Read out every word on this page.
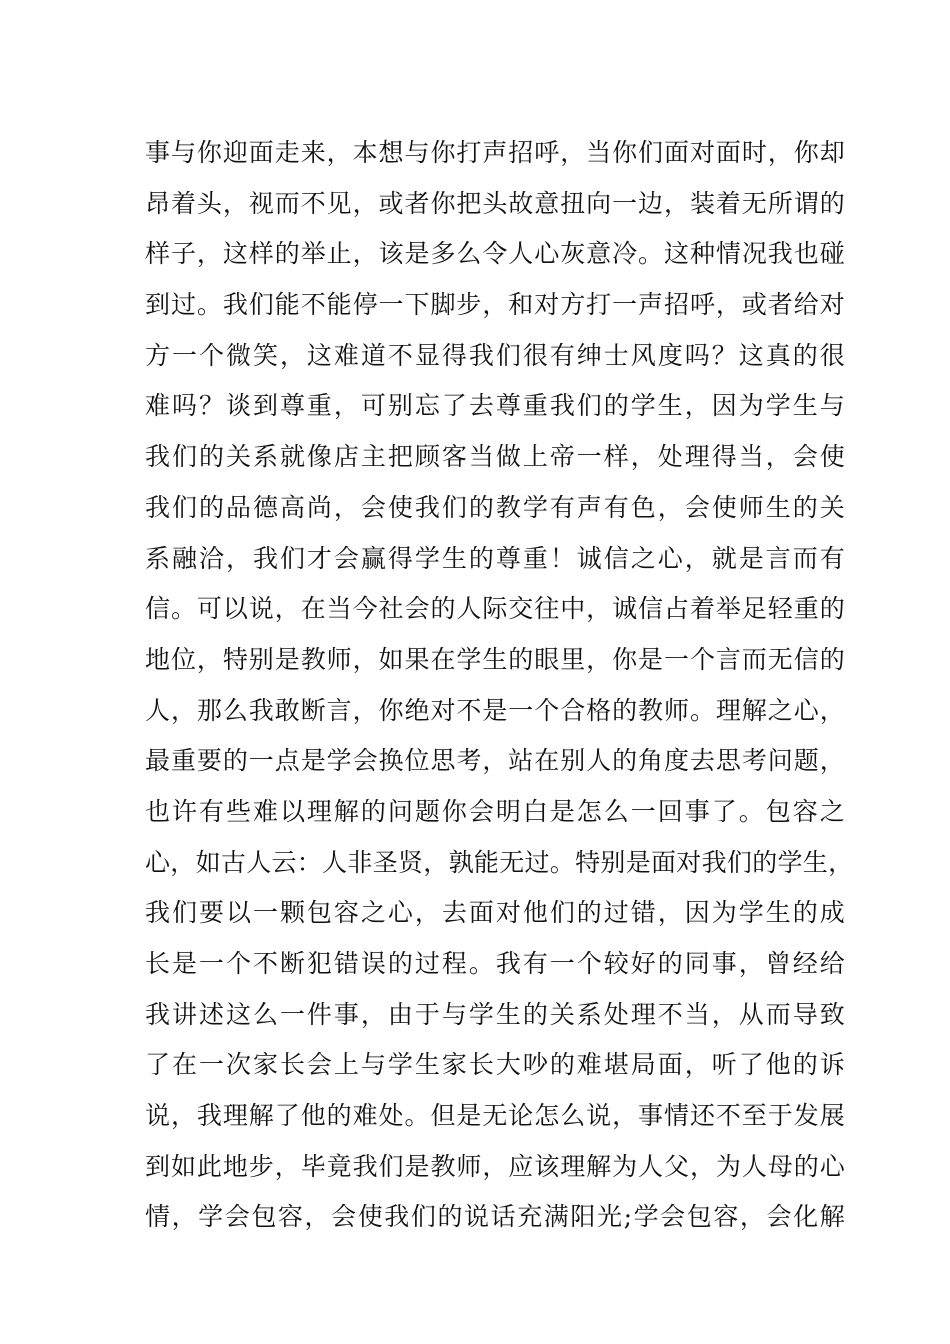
事与你迎面走来，本想与你打声招呼，当你们面对面时，你却
昂着头，视而不见，或者你把头故意扭向一边，装着无所谓的
样子，这样的举止，该是多么令人心灰意冷。这种情况我也碰
到过。我们能不能停一下脚步，和对方打一声招呼，或者给对
方一个微笑，这难道不显得我们很有绅士风度吗？这真的很
难吗？谈到尊重，可别忘了去尊重我们的学生，因为学生与
我们的关系就像店主把顾客当做上帝一样，处理得当，会使
我们的品德高尚，会使我们的教学有声有色，会使师生的关
系融洽，我们才会赢得学生的尊重！诚信之心，就是言而有
信。可以说，在当今社会的人际交往中，诚信占着举足轻重的
地位，特别是教师，如果在学生的眼里，你是一个言而无信的
人，那么我敢断言，你绝对不是一个合格的教师。理解之心，
最重要的一点是学会换位思考，站在别人的角度去思考问题，
也许有些难以理解的问题你会明白是怎么一回事了。包容之
心，如古人云：人非圣贤，孰能无过。特别是面对我们的学生，
我们要以一颗包容之心，去面对他们的过错，因为学生的成
长是一个不断犯错误的过程。我有一个较好的同事，曾经给
我讲述这么一件事，由于与学生的关系处理不当，从而导致
了在一次家长会上与学生家长大吵的难堪局面，听了他的诉
说，我理解了他的难处。但是无论怎么说，事情还不至于发展
到如此地步，毕竟我们是教师，应该理解为人父，为人母的心
情，学会包容，会使我们的说话充满阳光;学会包容，会化解
